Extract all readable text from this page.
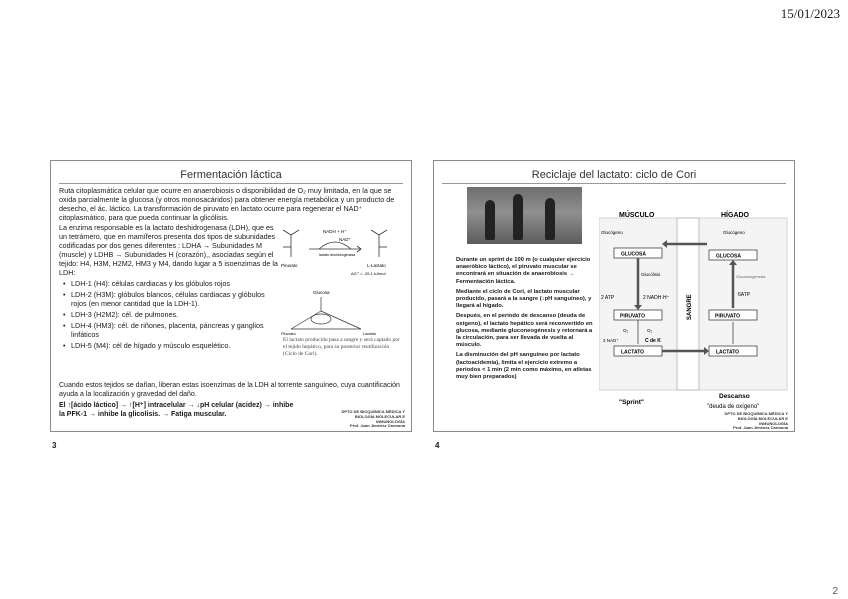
15/01/2023
Fermentación láctica

Ruta citoplasmática celular que ocurre en anaerobiosis o disponibilidad de O₂ muy limitada, en la que se oxida parcialmente la glucosa (y otros monosacáridos) para obtener energía metabólica y un producto de desecho, el ác. láctico. La transformación de piruvato en lactato ocurre para regenerar el NAD⁺ citoplasmático, para que pueda continuar la glicólisis.

La enzima responsable es la lactato deshidrogenasa (LDH), que es un tetrámero, que en mamíferos presenta dos tipos de subunidades codificadas por dos genes diferentes : LDHA → Subunidades M (muscle) y LDHB → Subunidades H (corazón),, asociadas según el tejido: H4, H3M, H2M2, HM3 y M4, dando lugar a 5 isoenzimas de la LDH:

• LDH-1 (H4): células cardiacas y los glóbulos rojos
• LDH-2 (H3M): glóbulos blancos, células cardiacas y glóbulos rojos (en menor cantidad que la LDH-1).
• LDH-3 (H2M2): cél. de pulmones.
• LDH-4 (HM3): cél. de riñones, placenta, páncreas y ganglios linfáticos
• LDH-5 (M4): cél de hígado y músculo esquelético.
NADH + H⁺
NAD⁺
lactato deshidrogenasa
Piruvato	L-Lactato
ΔG'° = -25.1 kJ/mol
Glucosa
Piruvato	Lactato
El lactato producido pasa a sangre y será captado por el tejido hepático, para su posterior reutilización (Ciclo de Cori).

Cuando estos tejidos se dañan, liberan estas isoenzimas de la LDH al torrente sanguíneo, cuya cuantificación ayuda a la localización y gravedad del daño.

El ↑[ácido láctico] → ↑[H⁺] intracelular → ↓pH celular (acidez) → inhibe la PFK-1 → inhibe la glicolisis. → Fatiga muscular.	DPTO DE BIOQUÍMICA MÉDICA Y BIOLOGÍA MOLECULAR E INMUNOLOGÍA
Prof. Juan Jiménez Carmona
3
Reciclaje del lactato: ciclo de Cori

Durante un sprint de 100 m (o cualquier ejercicio anaeróbico láctico), el piruvato muscular se encontrará en situación de anaerobiosis → Fermentación láctica.

Mediante el ciclo de Cori, el lactato muscular producido, pasará a la sangre (↓pH sanguíneo), y llegará al hígado.

Después, en el periodo de descanso (deuda de oxígeno), el lactato hepático será reconvertido en glucosa, mediante gluconeogénesis y retornará a la circulación, para ser llevada de vuelta al músculo.

La disminución del pH sanguíneo por lactato (lactoacidemia), limita el ejercicio extremo a periodos < 1 min (2 min como máximo, en atletas muy bien preparados)

MÚSCULO	HÍGADO
SANGRE
Glucógeno	Glucógeno
GLUCOSA	GLUCOSA
PIRUVATO	PIRUVATO
LACTATO	LACTATO
Glucólisis	Gluconeogénesis
2 ATP	2 NADH·H⁺
O₂	O₂
2 NAD⁺	C de K
6ATP
"Sprint"
Descanso
"deuda de oxígeno"
DPTO DE BIOQUÍMICA MÉDICA Y BIOLOGÍA MOLECULAR E INMUNOLOGÍA
Prof. Juan Jiménez Carmona
4
2
